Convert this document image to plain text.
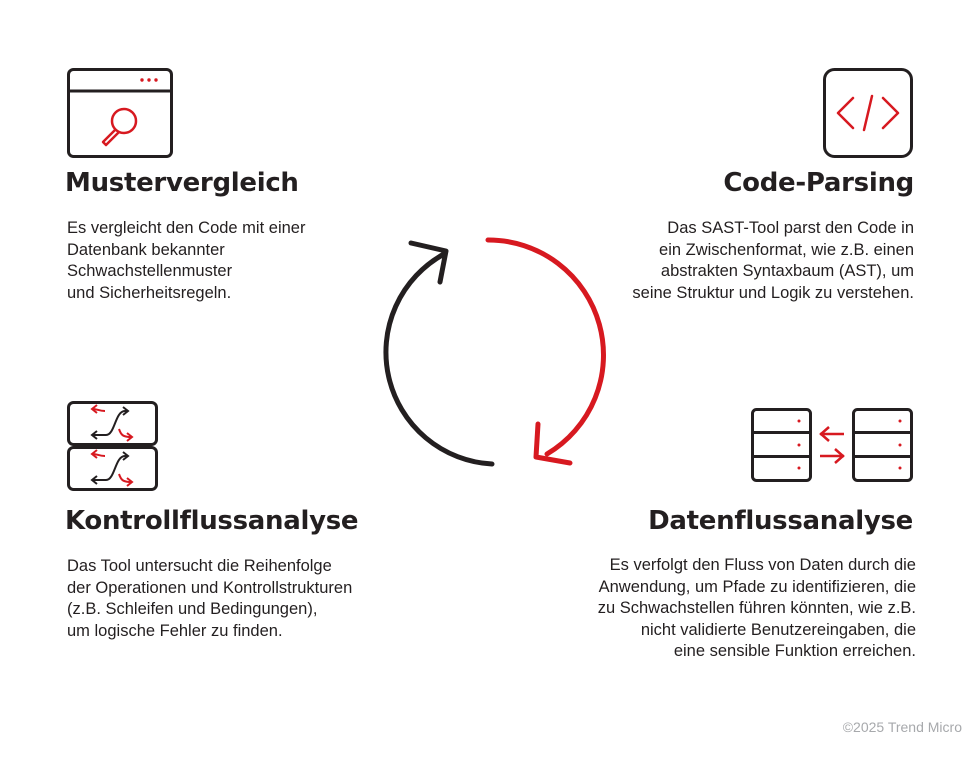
Mustervergleich

Es vergleicht den Code mit einer
Datenbank bekannter
Schwachstellenmuster
und Sicherheitsregeln.

Code-Parsing

Das SAST-Tool parst den Code in
ein Zwischenformat, wie z.B. einen
abstrakten Syntaxbaum (AST), um
seine Struktur und Logik zu verstehen.

Kontrollflussanalyse

Das Tool untersucht die Reihenfolge
der Operationen und Kontrollstrukturen
(z.B. Schleifen und Bedingungen),
um logische Fehler zu finden.

Datenflussanalyse

Es verfolgt den Fluss von Daten durch die
Anwendung, um Pfade zu identifizieren, die
zu Schwachstellen führen könnten, wie z.B.
nicht validierte Benutzereingaben, die
eine sensible Funktion erreichen.

©2025 Trend Micro
